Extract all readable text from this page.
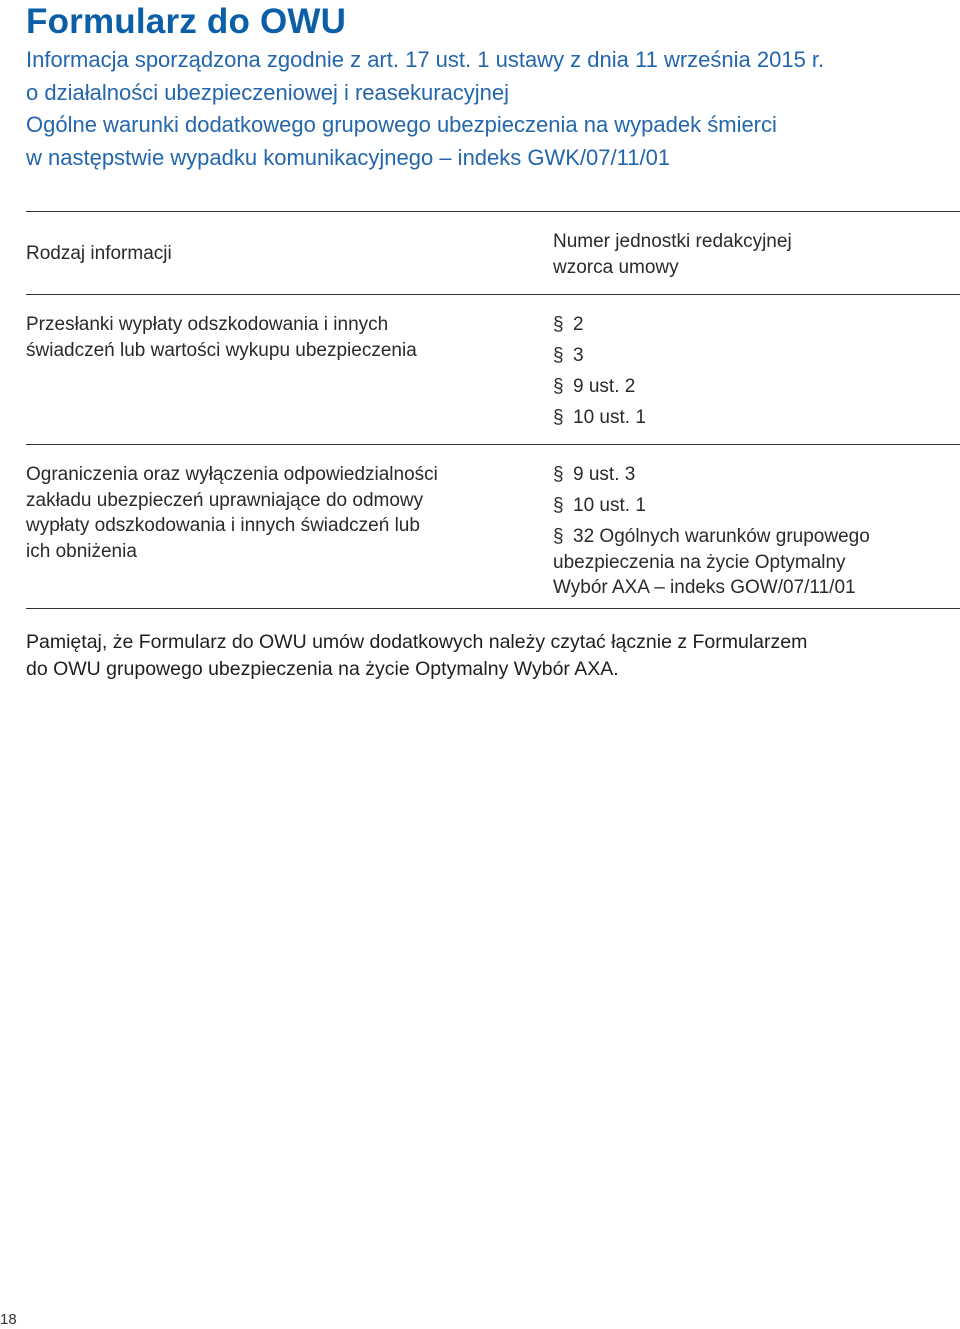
Formularz do OWU
Informacja sporządzona zgodnie z art. 17 ust. 1 ustawy z dnia 11 września 2015 r.
o działalności ubezpieczeniowej i reasekuracyjnej
Ogólne warunki dodatkowego grupowego ubezpieczenia na wypadek śmierci
w następstwie wypadku komunikacyjnego – indeks GWK/07/11/01
Rodzaj informacji
Numer jednostki redakcyjnej
wzorca umowy
Przesłanki wypłaty odszkodowania i innych
świadczeń lub wartości wykupu ubezpieczenia
§ 2
§ 3
§ 9 ust. 2
§ 10 ust. 1
Ograniczenia oraz wyłączenia odpowiedzialności
zakładu ubezpieczeń uprawniające do odmowy
wypłaty odszkodowania i innych świadczeń lub
ich obniżenia
§ 9 ust. 3
§ 10 ust. 1
§ 32 Ogólnych warunków grupowego
ubezpieczenia na życie Optymalny
Wybór AXA – indeks GOW/07/11/01
Pamiętaj, że Formularz do OWU umów dodatkowych należy czytać łącznie z Formularzem
do OWU grupowego ubezpieczenia na życie Optymalny Wybór AXA.
18
